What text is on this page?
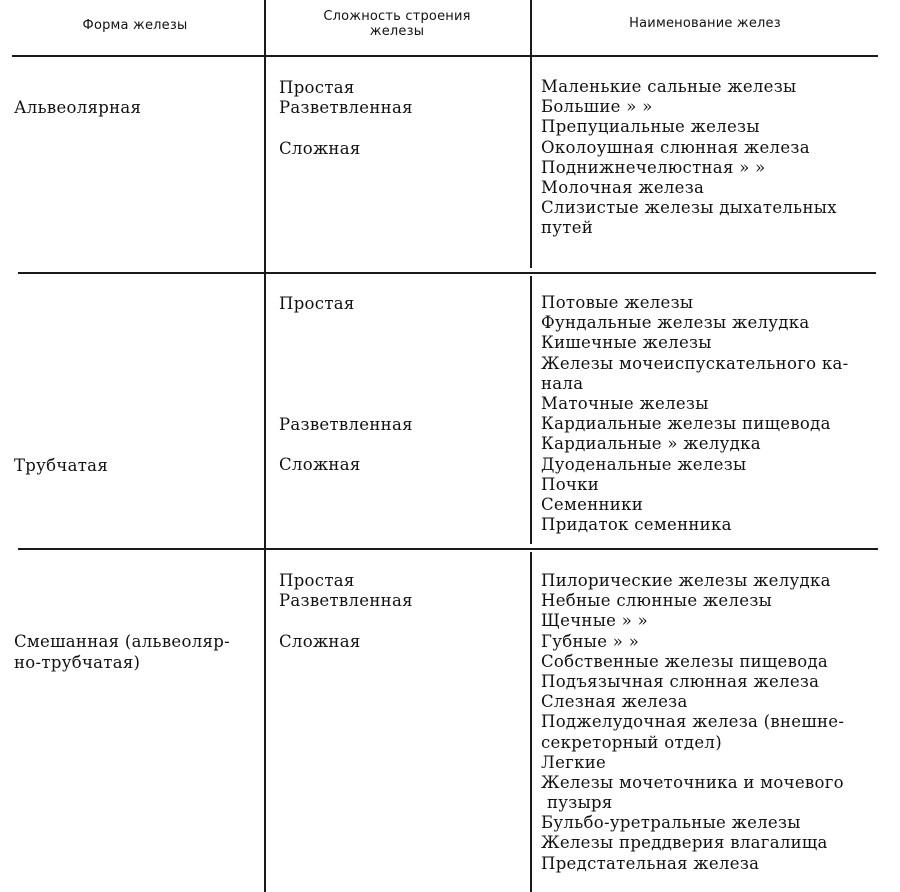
Форма железы
Сложность строения
железы
Наименование желез
Альвеолярная
Простая
Разветвленная
Сложная
Маленькие сальные железы
Большие » »
Препуциальные железы
Околоушная слюнная железа
Поднижнечелюстная » »
Молочная железа
Слизистые железы дыхательных
путей
Трубчатая
Простая
Разветвленная
Сложная
Потовые железы
Фундальные железы желудка
Кишечные железы
Железы мочеиспускательного ка-
нала
Маточные железы
Кардиальные железы пищевода
Кардиальные » желудка
Дуоденальные железы
Почки
Семенники
Придаток семенника
Смешанная (альвеоляр-
но-трубчатая)
Простая
Разветвленная
Сложная
Пилорические железы желудка
Небные слюнные железы
Щечные » »
Губные » »
Собственные железы пищевода
Подъязычная слюнная железа
Слезная железа
Поджелудочная железа (внешне-
секреторный отдел)
Легкие
Железы мочеточника и мочевого
пузыря
Бульбо-уретральные железы
Железы преддверия влагалища
Предстательная железа
